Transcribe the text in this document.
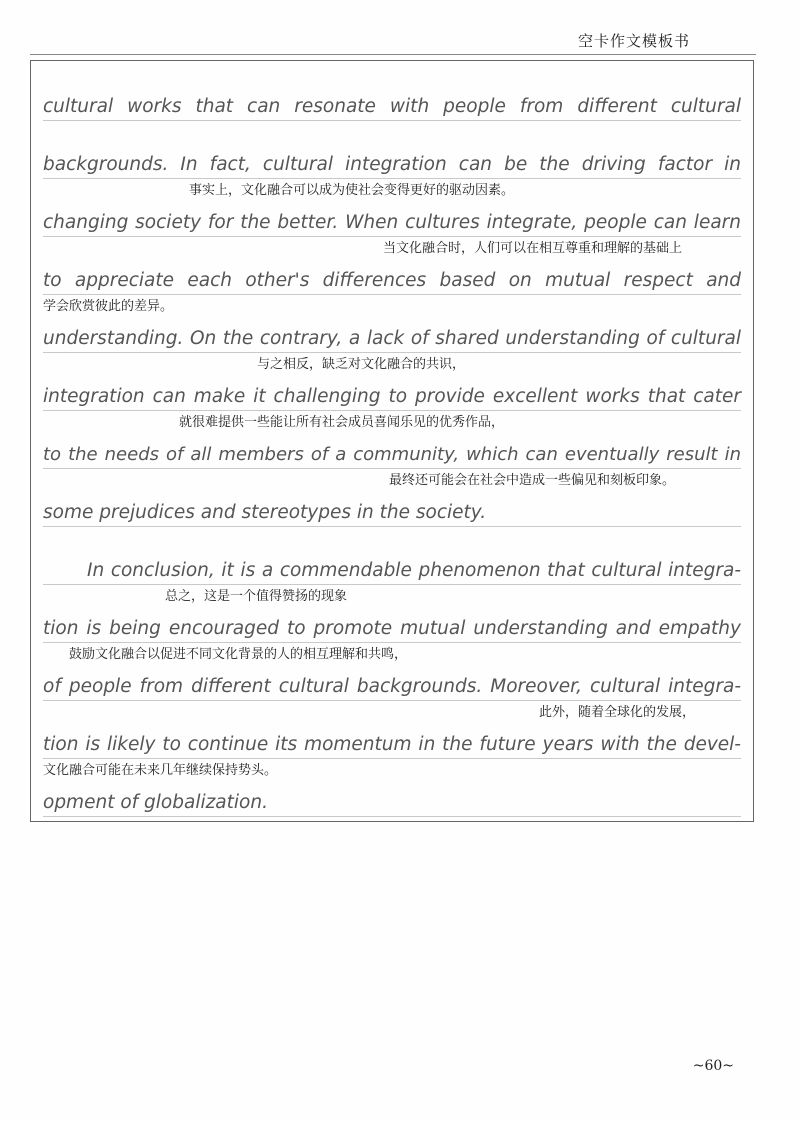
空卡作文模板书
cultural works that can resonate with people from different cultural
backgrounds. In fact, cultural integration can be the driving factor in
事实上，文化融合可以成为使社会变得更好的驱动因素。
changing society for the better. When cultures integrate, people can learn
当文化融合时，人们可以在相互尊重和理解的基础上
to appreciate each other's differences based on mutual respect and
学会欣赏彼此的差异。
understanding. On the contrary, a lack of shared understanding of cultural
与之相反，缺乏对文化融合的共识，
integration can make it challenging to provide excellent works that cater
就很难提供一些能让所有社会成员喜闻乐见的优秀作品，
to the needs of all members of a community, which can eventually result in
最终还可能会在社会中造成一些偏见和刻板印象。
some prejudices and stereotypes in the society.
In conclusion, it is a commendable phenomenon that cultural integra-
总之，这是一个值得赞扬的现象
tion is being encouraged to promote mutual understanding and empathy
鼓励文化融合以促进不同文化背景的人的相互理解和共鸣，
of people from different cultural backgrounds. Moreover, cultural integra-
此外，随着全球化的发展，
tion is likely to continue its momentum in the future years with the devel-
文化融合可能在未来几年继续保持势头。
opment of globalization.
~60~
